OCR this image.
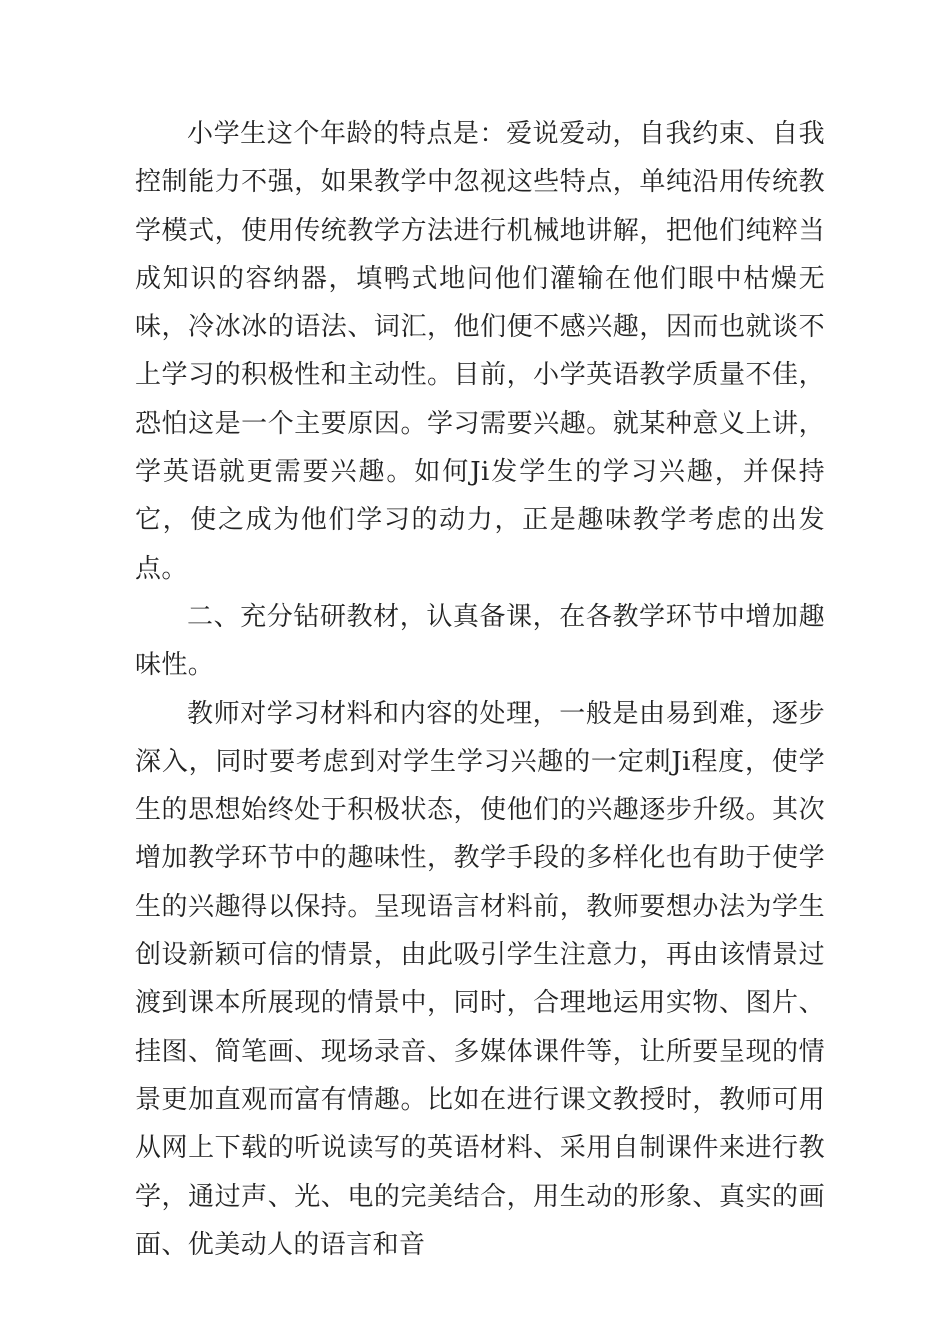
小学生这个年龄的特点是：爱说爱动，自我约束、自我控制能力不强，如果教学中忽视这些特点，单纯沿用传统教学模式，使用传统教学方法进行机械地讲解，把他们纯粹当成知识的容纳器，填鸭式地问他们灌输在他们眼中枯燥无味，冷冰冰的语法、词汇，他们便不感兴趣，因而也就谈不上学习的积极性和主动性。目前，小学英语教学质量不佳，恐怕这是一个主要原因。学习需要兴趣。就某种意义上讲，学英语就更需要兴趣。如何Ji发学生的学习兴趣，并保持它，使之成为他们学习的动力，正是趣味教学考虑的出发点。

二、充分钻研教材，认真备课，在各教学环节中增加趣味性。

教师对学习材料和内容的处理，一般是由易到难，逐步深入，同时要考虑到对学生学习兴趣的一定刺Ji程度，使学生的思想始终处于积极状态，使他们的兴趣逐步升级。其次增加教学环节中的趣味性，教学手段的多样化也有助于使学生的兴趣得以保持。呈现语言材料前，教师要想办法为学生创设新颖可信的情景，由此吸引学生注意力，再由该情景过渡到课本所展现的情景中，同时，合理地运用实物、图片、挂图、简笔画、现场录音、多媒体课件等，让所要呈现的情景更加直观而富有情趣。比如在进行课文教授时，教师可用从网上下载的听说读写的英语材料、采用自制课件来进行教学，通过声、光、电的完美结合，用生动的形象、真实的画面、优美动人的语言和音
